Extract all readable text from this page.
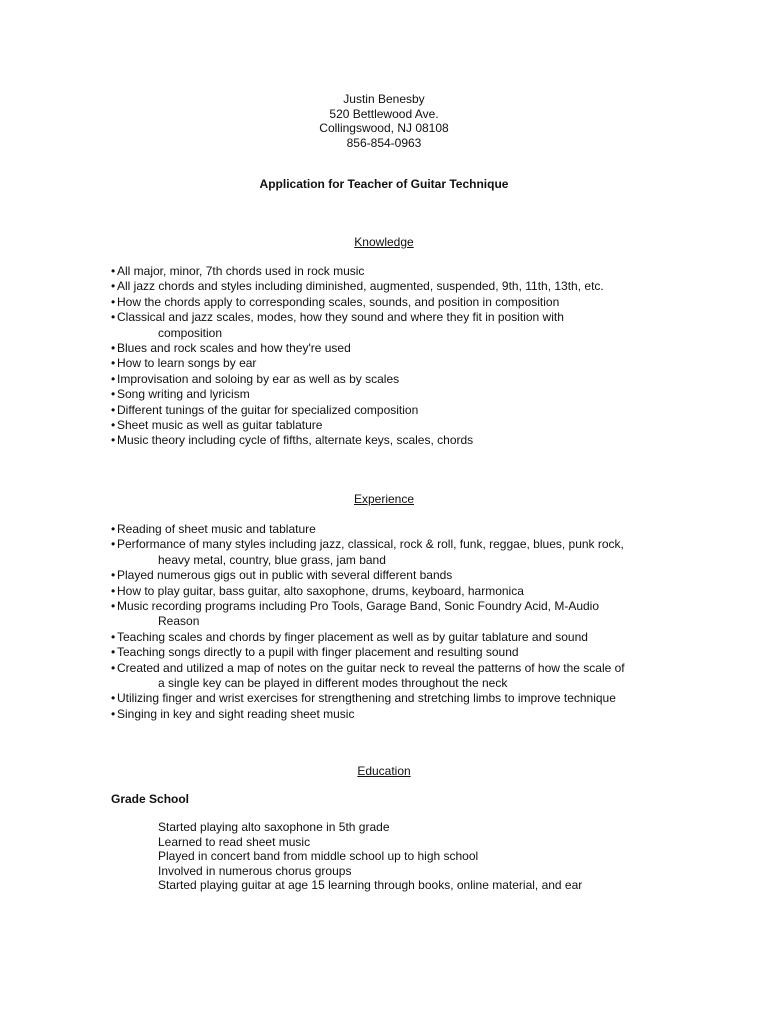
Justin Benesby
520 Bettlewood Ave.
Collingswood, NJ 08108
856-854-0963
Application for Teacher of Guitar Technique
Knowledge
• All major, minor, 7th chords used in rock music
• All jazz chords and styles including diminished, augmented, suspended, 9th, 11th, 13th, etc.
• How the chords apply to corresponding scales, sounds, and position in composition
• Classical and jazz scales, modes, how they sound and where they fit in position with
composition
• Blues and rock scales and how they're used
• How to learn songs by ear
• Improvisation and soloing by ear as well as by scales
• Song writing and lyricism
• Different tunings of the guitar for specialized composition
• Sheet music as well as guitar tablature
• Music theory including cycle of fifths, alternate keys, scales, chords
Experience
• Reading of sheet music and tablature
• Performance of many styles including jazz, classical, rock & roll, funk, reggae, blues, punk rock,
heavy metal, country, blue grass, jam band
• Played numerous gigs out in public with several different bands
• How to play guitar, bass guitar, alto saxophone, drums, keyboard, harmonica
• Music recording programs including Pro Tools, Garage Band, Sonic Foundry Acid, M-Audio
Reason
• Teaching scales and chords by finger placement as well as by guitar tablature and sound
• Teaching songs directly to a pupil with finger placement and resulting sound
• Created and utilized a map of notes on the guitar neck to reveal the patterns of how the scale of
a single key can be played in different modes throughout the neck
• Utilizing finger and wrist exercises for strengthening and stretching limbs to improve technique
• Singing in key and sight reading sheet music
Education
Grade School
Started playing alto saxophone in 5th grade
Learned to read sheet music
Played in concert band from middle school up to high school
Involved in numerous chorus groups
Started playing guitar at age 15 learning through books, online material, and ear
